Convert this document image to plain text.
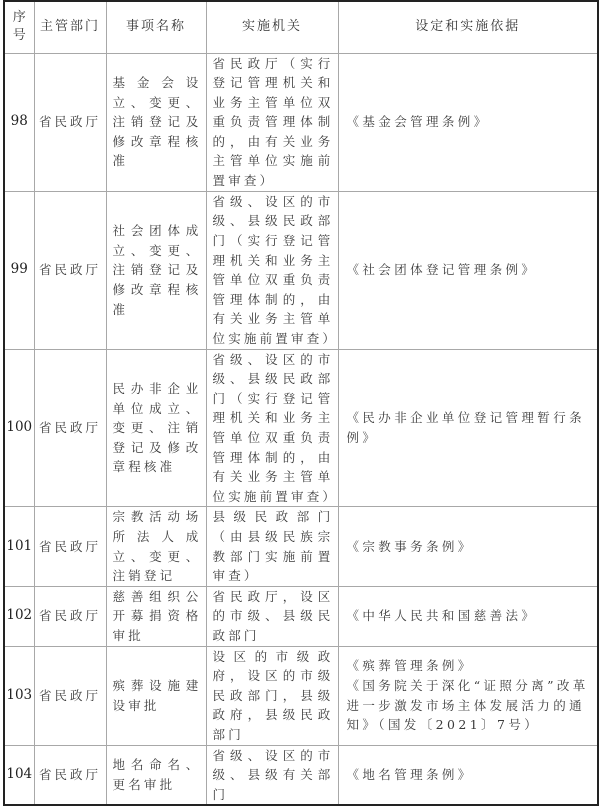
序
号	主管部门	事项名称	实施机关	设定和实施依据
98	省民政厅	基金会设立、变更、注销登记及修改章程核准	省民政厅（实行登记管理机关和业务主管单位双重负责管理体制的，由有关业务主管单位实施前置审查）	《基金会管理条例》

99	省民政厅	社会团体成立、变更、注销登记及修改章程核准	省级、设区的市级、县级民政部门（实行登记管理机关和业务主管单位双重负责管理体制的，由有关业务主管单位实施前置审查）	《社会团体登记管理条例》

100	省民政厅	民办非企业单位成立、变更、注销登记及修改章程核准	省级、设区的市级、县级民政部门（实行登记管理机关和业务主管单位双重负责管理体制的，由有关业务主管单位实施前置审查）	《民办非企业单位登记管理暂行条例》

101	省民政厅	宗教活动场所法人成立、变更、注销登记	县级民政部门（由县级民族宗教部门实施前置审查）	《宗教事务条例》

102	省民政厅	慈善组织公开募捐资格审批	省民政厅，设区的市级、县级民政部门	《中华人民共和国慈善法》

103	省民政厅	殡葬设施建设审批	设区的市级政府，设区的市级民政部门，县级政府，县级民政部门	《殡葬管理条例》
《国务院关于深化“证照分离”改革进一步激发市场主体发展活力的通知》（国发〔2021〕7号）

104	省民政厅	地名命名、更名审批	省级、设区的市级、县级有关部门	《地名管理条例》
